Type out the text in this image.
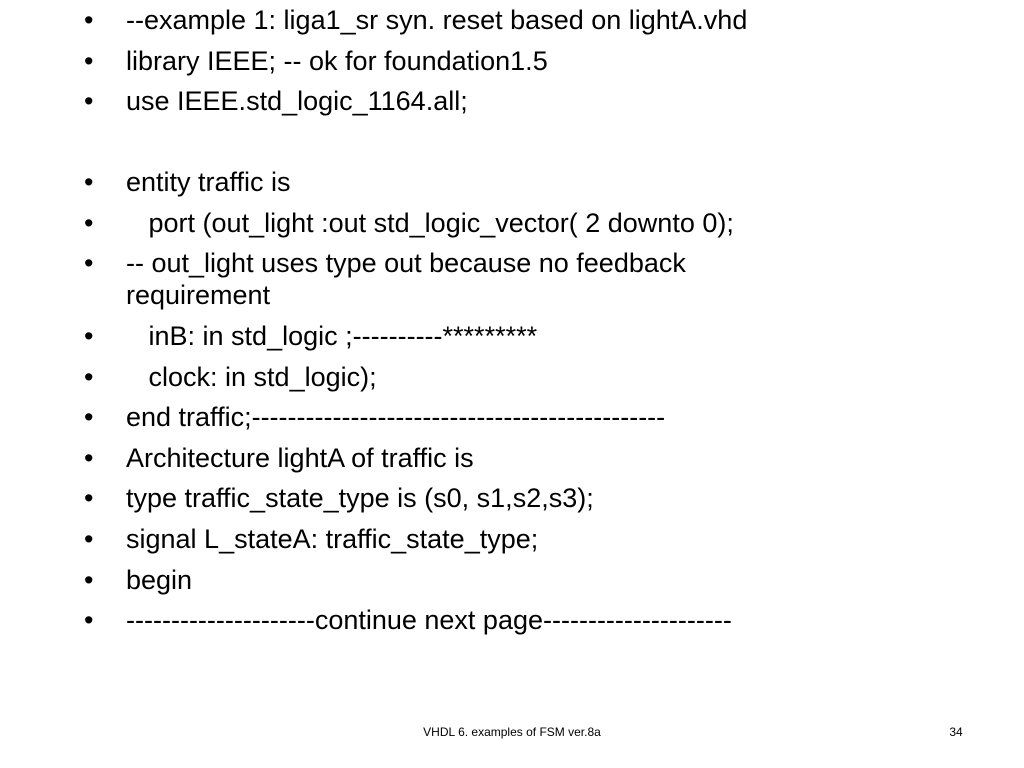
•	--example 1: liga1_sr syn. reset based on lightA.vhd
•	library IEEE; -- ok for foundation1.5
•	use IEEE.std_logic_1164.all;
•	entity traffic is
•	port (out_light :out std_logic_vector( 2 downto 0);
•	-- out_light uses type out because no feedback
requirement
•	inB: in std_logic ;----------*********
•	clock: in std_logic);
•	end traffic;----------------------------------------------
•	Architecture lightA of traffic is
•	type traffic_state_type is (s0, s1,s2,s3);
•	signal L_stateA: traffic_state_type;
•	begin
•	---------------------continue next page---------------------
VHDL 6. examples of FSM ver.8a	34
